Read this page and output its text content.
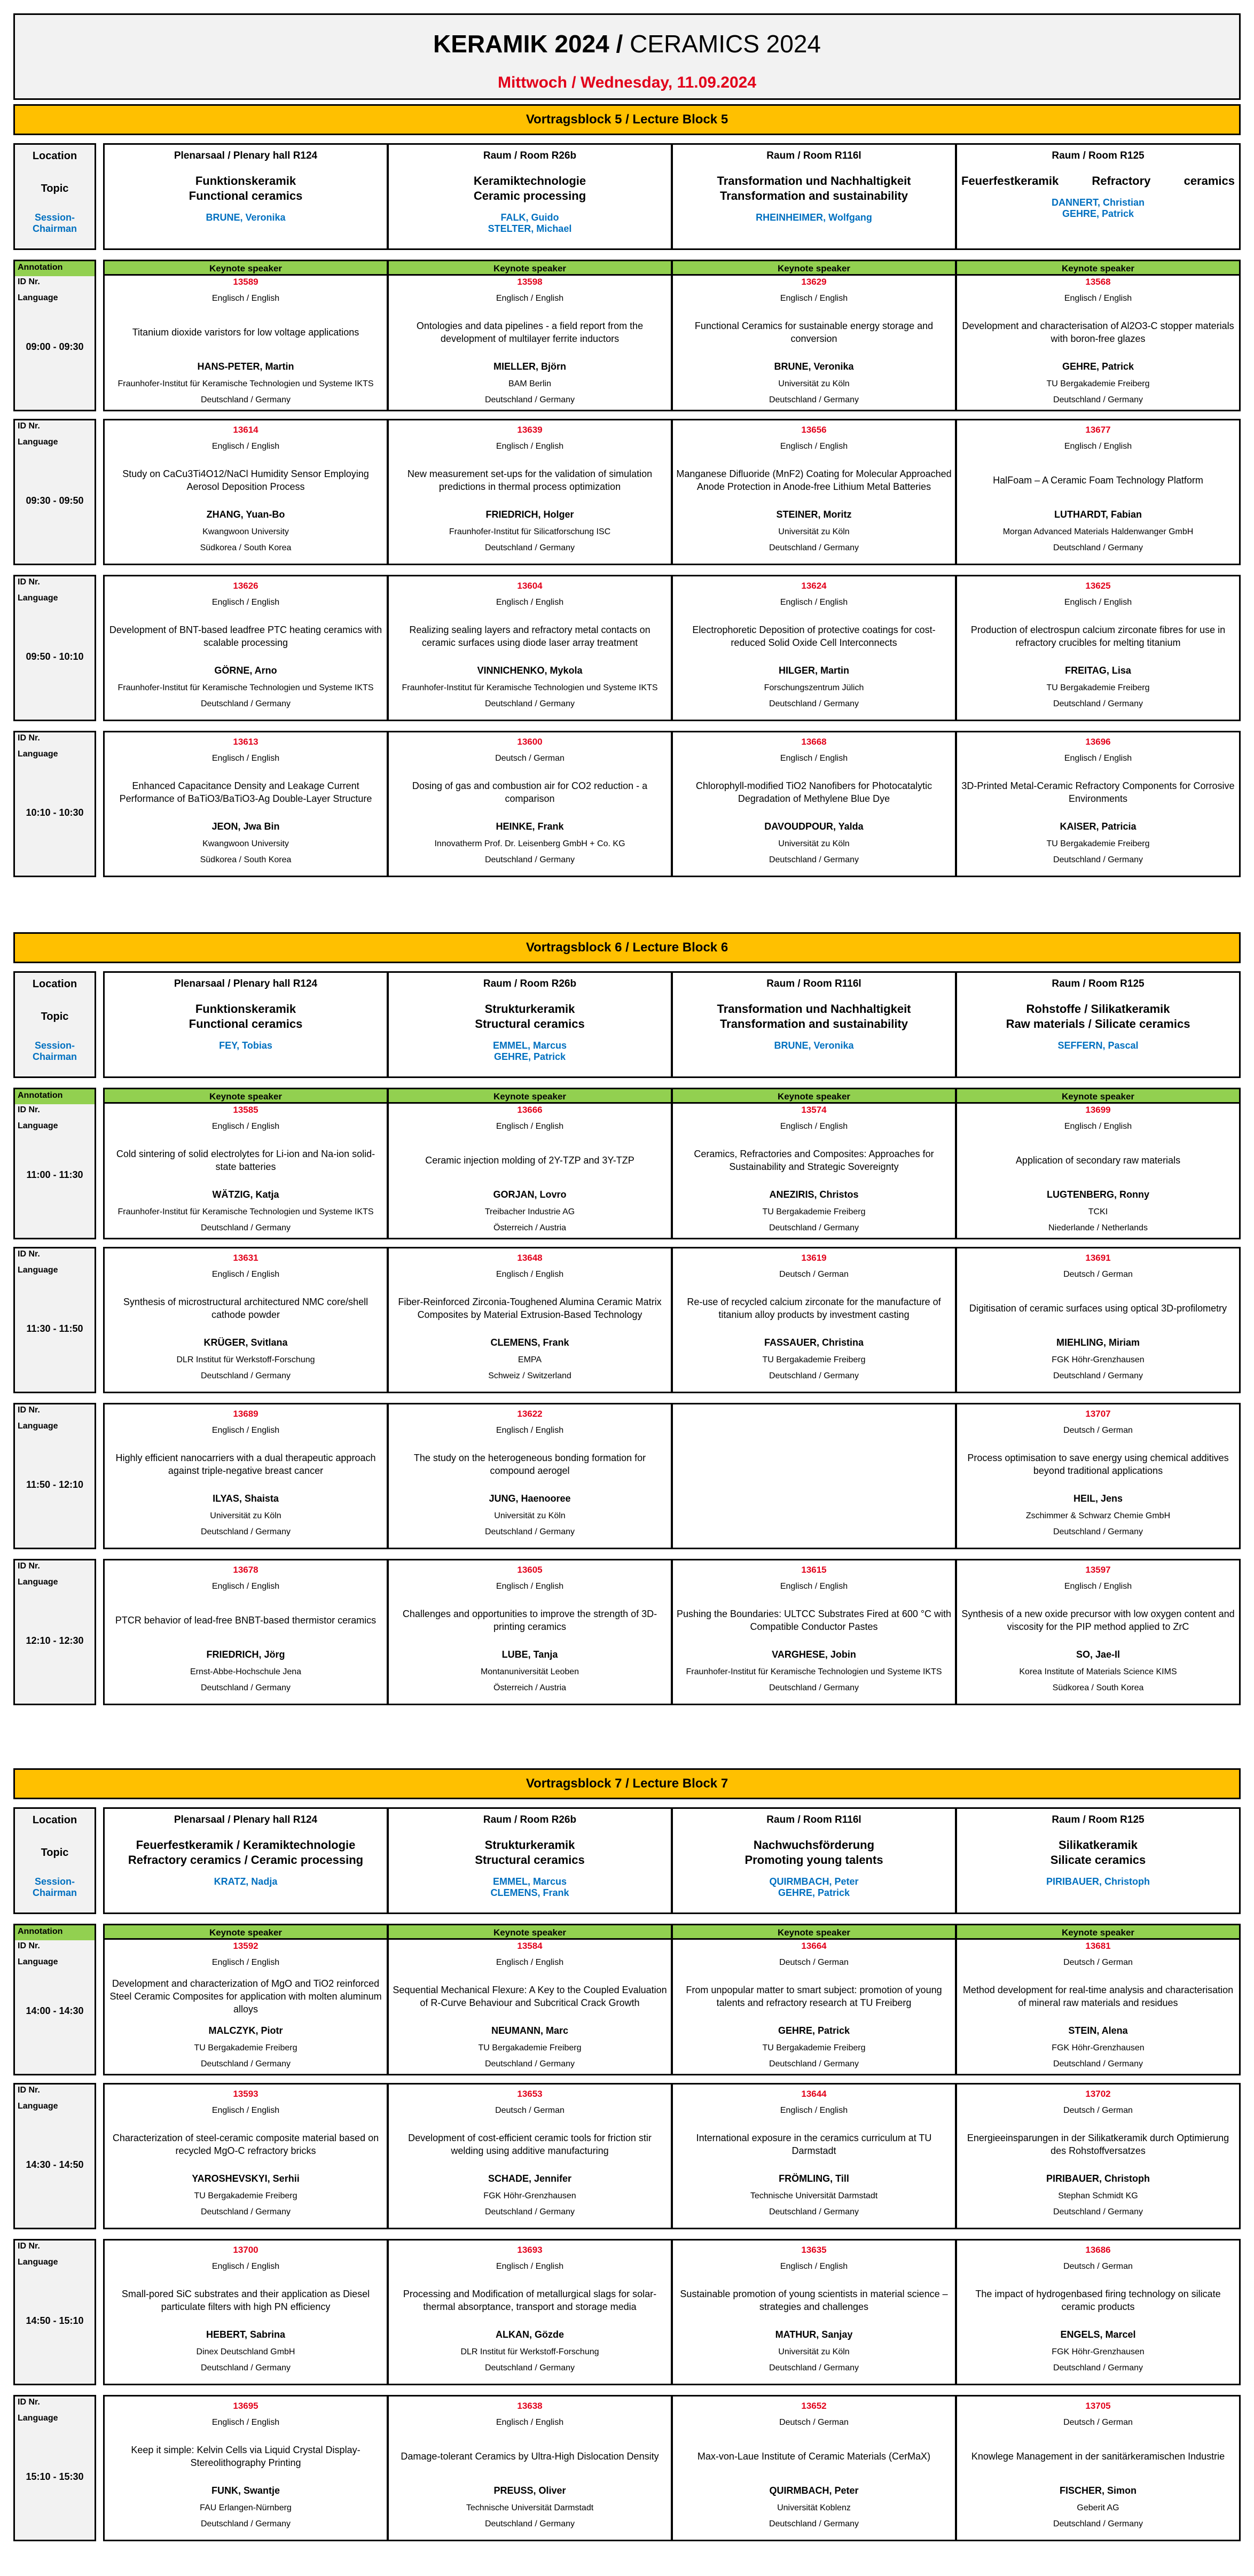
KERAMIK 2024 / CERAMICS 2024
Mittwoch / Wednesday, 11.09.2024
Vortragsblock 5 / Lecture Block 5
Location
Topic
Session-
Chairman
Plenarsaal / Plenary hall R124
Funktionskeramik
Functional ceramics
BRUNE, Veronika
Raum / Room R26b
Keramiktechnologie
Ceramic processing
FALK, Guido
STELTER, Michael
Raum / Room R116l
Transformation und Nachhaltigkeit
Transformation and sustainability
RHEINHEIMER, Wolfgang
Raum / Room R125
Feuerfestkeramik Refractory ceramics
DANNERT, Christian
GEHRE, Patrick
Annotation
ID Nr.
Language
09:00 - 09:30
Keynote speaker
13589
Englisch / English
Titanium dioxide varistors for low voltage applications
HANS-PETER, Martin
Fraunhofer-Institut für Keramische Technologien und Systeme IKTS
Deutschland / Germany
Keynote speaker
13598
Englisch / English
Ontologies and data pipelines - a field report from the development of multilayer ferrite inductors
MIELLER, Björn
BAM Berlin
Deutschland / Germany
Keynote speaker
13629
Englisch / English
Functional Ceramics for sustainable energy storage and conversion
BRUNE, Veronika
Universität zu Köln
Deutschland / Germany
Keynote speaker
13568
Englisch / English
Development and characterisation of Al2O3-C stopper materials with boron-free glazes
GEHRE, Patrick
TU Bergakademie Freiberg
Deutschland / Germany
ID Nr.
Language
09:30 - 09:50
13614
Englisch / English
Study on CaCu3Ti4O12/NaCl Humidity Sensor Employing Aerosol Deposition Process
ZHANG, Yuan-Bo
Kwangwoon University
Südkorea / South Korea
13639
Englisch / English
New measurement set-ups for the validation of simulation predictions in thermal process optimization
FRIEDRICH, Holger
Fraunhofer-Institut für Silicatforschung ISC
Deutschland / Germany
13656
Englisch / English
Manganese Difluoride (MnF2) Coating for Molecular Approached Anode Protection in Anode-free Lithium Metal Batteries
STEINER, Moritz
Universität zu Köln
Deutschland / Germany
13677
Englisch / English
HalFoam – A Ceramic Foam Technology Platform
LUTHARDT, Fabian
Morgan Advanced Materials Haldenwanger GmbH
Deutschland / Germany
ID Nr.
Language
09:50 - 10:10
13626
Englisch / English
Development of BNT-based leadfree PTC heating ceramics with scalable processing
GÖRNE, Arno
Fraunhofer-Institut für Keramische Technologien und Systeme IKTS
Deutschland / Germany
13604
Englisch / English
Realizing sealing layers and refractory metal contacts on ceramic surfaces using diode laser array treatment
VINNICHENKO, Mykola
Fraunhofer-Institut für Keramische Technologien und Systeme IKTS
Deutschland / Germany
13624
Englisch / English
Electrophoretic Deposition of protective coatings for cost-reduced Solid Oxide Cell Interconnects
HILGER, Martin
Forschungszentrum Jülich
Deutschland / Germany
13625
Englisch / English
Production of electrospun calcium zirconate fibres for use in refractory crucibles for melting titanium
FREITAG, Lisa
TU Bergakademie Freiberg
Deutschland / Germany
ID Nr.
Language
10:10 - 10:30
13613
Englisch / English
Enhanced Capacitance Density and Leakage Current Performance of BaTiO3/BaTiO3-Ag Double-Layer Structure
JEON, Jwa Bin
Kwangwoon University
Südkorea / South Korea
13600
Deutsch / German
Dosing of gas and combustion air for CO2 reduction - a comparison
HEINKE, Frank
Innovatherm Prof. Dr. Leisenberg GmbH + Co. KG
Deutschland / Germany
13668
Englisch / English
Chlorophyll-modified TiO2 Nanofibers for Photocatalytic Degradation of Methylene Blue Dye
DAVOUDPOUR, Yalda
Universität zu Köln
Deutschland / Germany
13696
Englisch / English
3D-Printed Metal-Ceramic Refractory Components for Corrosive Environments
KAISER, Patricia
TU Bergakademie Freiberg
Deutschland / Germany
Vortragsblock 6 / Lecture Block 6
Location
Topic
Session-
Chairman
Plenarsaal / Plenary hall R124
Funktionskeramik
Functional ceramics
FEY, Tobias
Raum / Room R26b
Strukturkeramik
Structural ceramics
EMMEL, Marcus
GEHRE, Patrick
Raum / Room R116l
Transformation und Nachhaltigkeit
Transformation and sustainability
BRUNE, Veronika
Raum / Room R125
Rohstoffe / Silikatkeramik
Raw materials / Silicate ceramics
SEFFERN, Pascal
Annotation
ID Nr.
Language
11:00 - 11:30
Keynote speaker
13585
Englisch / English
Cold sintering of solid electrolytes for Li-ion and Na-ion solid-state batteries
WÄTZIG, Katja
Fraunhofer-Institut für Keramische Technologien und Systeme IKTS
Deutschland / Germany
Keynote speaker
13666
Englisch / English
Ceramic injection molding of 2Y-TZP and 3Y-TZP
GORJAN, Lovro
Treibacher Industrie AG
Österreich / Austria
Keynote speaker
13574
Englisch / English
Ceramics, Refractories and Composites: Approaches for Sustainability and Strategic Sovereignty
ANEZIRIS, Christos
TU Bergakademie Freiberg
Deutschland / Germany
Keynote speaker
13699
Englisch / English
Application of secondary raw materials
LUGTENBERG, Ronny
TCKI
Niederlande / Netherlands
ID Nr.
Language
11:30 - 11:50
13631
Englisch / English
Synthesis of microstructural architectured NMC core/shell cathode powder
KRÜGER, Svitlana
DLR Institut für Werkstoff-Forschung
Deutschland / Germany
13648
Englisch / English
Fiber-Reinforced Zirconia-Toughened Alumina Ceramic Matrix Composites by Material Extrusion-Based Technology
CLEMENS, Frank
EMPA
Schweiz / Switzerland
13619
Deutsch / German
Re-use of recycled calcium zirconate for the manufacture of titanium alloy products by investment casting
FASSAUER, Christina
TU Bergakademie Freiberg
Deutschland / Germany
13691
Deutsch / German
Digitisation of ceramic surfaces using optical 3D-profilometry
MIEHLING, Miriam
FGK Höhr-Grenzhausen
Deutschland / Germany
ID Nr.
Language
11:50 - 12:10
13689
Englisch / English
Highly efficient nanocarriers with a dual therapeutic approach against triple-negative breast cancer
ILYAS, Shaista
Universität zu Köln
Deutschland / Germany
13622
Englisch / English
The study on the heterogeneous bonding formation for compound aerogel
JUNG, Haenooree
Universität zu Köln
Deutschland / Germany
13707
Deutsch / German
Process optimisation to save energy using chemical additives beyond traditional applications
HEIL, Jens
Zschimmer & Schwarz Chemie GmbH
Deutschland / Germany
ID Nr.
Language
12:10 - 12:30
13678
Englisch / English
PTCR behavior of lead-free BNBT-based thermistor ceramics
FRIEDRICH, Jörg
Ernst-Abbe-Hochschule Jena
Deutschland / Germany
13605
Englisch / English
Challenges and opportunities to improve the strength of 3D-printing ceramics
LUBE, Tanja
Montanuniversität Leoben
Österreich / Austria
13615
Englisch / English
Pushing the Boundaries: ULTCC Substrates Fired at 600 °C with Compatible Conductor Pastes
VARGHESE, Jobin
Fraunhofer-Institut für Keramische Technologien und Systeme IKTS
Deutschland / Germany
13597
Englisch / English
Synthesis of a new oxide precursor with low oxygen content and viscosity for the PIP method applied to ZrC
SO, Jae-Il
Korea Institute of Materials Science KIMS
Südkorea / South Korea
Vortragsblock 7 / Lecture Block 7
Location
Topic
Session-
Chairman
Plenarsaal / Plenary hall R124
Feuerfestkeramik / Keramiktechnologie
Refractory ceramics / Ceramic processing
KRATZ, Nadja
Raum / Room R26b
Strukturkeramik
Structural ceramics
EMMEL, Marcus
CLEMENS, Frank
Raum / Room R116l
Nachwuchsförderung
Promoting young talents
QUIRMBACH, Peter
GEHRE, Patrick
Raum / Room R125
Silikatkeramik
Silicate ceramics
PIRIBAUER, Christoph
Annotation
ID Nr.
Language
14:00 - 14:30
Keynote speaker
13592
Englisch / English
Development and characterization of MgO and TiO2 reinforced Steel Ceramic Composites for application with molten aluminum alloys
MALCZYK, Piotr
TU Bergakademie Freiberg
Deutschland / Germany
Keynote speaker
13584
Englisch / English
Sequential Mechanical Flexure: A Key to the Coupled Evaluation of R-Curve Behaviour and Subcritical Crack Growth
NEUMANN, Marc
TU Bergakademie Freiberg
Deutschland / Germany
Keynote speaker
13664
Deutsch / German
From unpopular matter to smart subject: promotion of young talents and refractory research at TU Freiberg
GEHRE, Patrick
TU Bergakademie Freiberg
Deutschland / Germany
Keynote speaker
13681
Deutsch / German
Method development for real-time analysis and characterisation of mineral raw materials and residues
STEIN, Alena
FGK Höhr-Grenzhausen
Deutschland / Germany
ID Nr.
Language
14:30 - 14:50
13593
Englisch / English
Characterization of steel-ceramic composite material based on recycled MgO-C refractory bricks
YAROSHEVSKYI, Serhii
TU Bergakademie Freiberg
Deutschland / Germany
13653
Deutsch / German
Development of cost-efficient ceramic tools for friction stir welding using additive manufacturing
SCHADE, Jennifer
FGK Höhr-Grenzhausen
Deutschland / Germany
13644
Englisch / English
International exposure in the ceramics curriculum at TU Darmstadt
FRÖMLING, Till
Technische Universität Darmstadt
Deutschland / Germany
13702
Deutsch / German
Energieeinsparungen in der Silikatkeramik durch Optimierung des Rohstoffversatzes
PIRIBAUER, Christoph
Stephan Schmidt KG
Deutschland / Germany
ID Nr.
Language
14:50 - 15:10
13700
Englisch / English
Small-pored SiC substrates and their application as Diesel particulate filters with high PN efficiency
HEBERT, Sabrina
Dinex Deutschland GmbH
Deutschland / Germany
13693
Englisch / English
Processing and Modification of metallurgical slags for solar-thermal absorptance, transport and storage media
ALKAN, Gözde
DLR Institut für Werkstoff-Forschung
Deutschland / Germany
13635
Englisch / English
Sustainable promotion of young scientists in material science – strategies and challenges
MATHUR, Sanjay
Universität zu Köln
Deutschland / Germany
13686
Deutsch / German
The impact of hydrogenbased firing technology on silicate ceramic products
ENGELS, Marcel
FGK Höhr-Grenzhausen
Deutschland / Germany
ID Nr.
Language
15:10 - 15:30
13695
Englisch / English
Keep it simple: Kelvin Cells via Liquid Crystal Display-Stereolithography Printing
FUNK, Swantje
FAU Erlangen-Nürnberg
Deutschland / Germany
13638
Englisch / English
Damage-tolerant Ceramics by Ultra-High Dislocation Density
PREUSS, Oliver
Technische Universität Darmstadt
Deutschland / Germany
13652
Deutsch / German
Max-von-Laue Institute of Ceramic Materials (CerMaX)
QUIRMBACH, Peter
Universität Koblenz
Deutschland / Germany
13705
Deutsch / German
Knowlege Management in der sanitärkeramischen Industrie
FISCHER, Simon
Geberit AG
Deutschland / Germany
